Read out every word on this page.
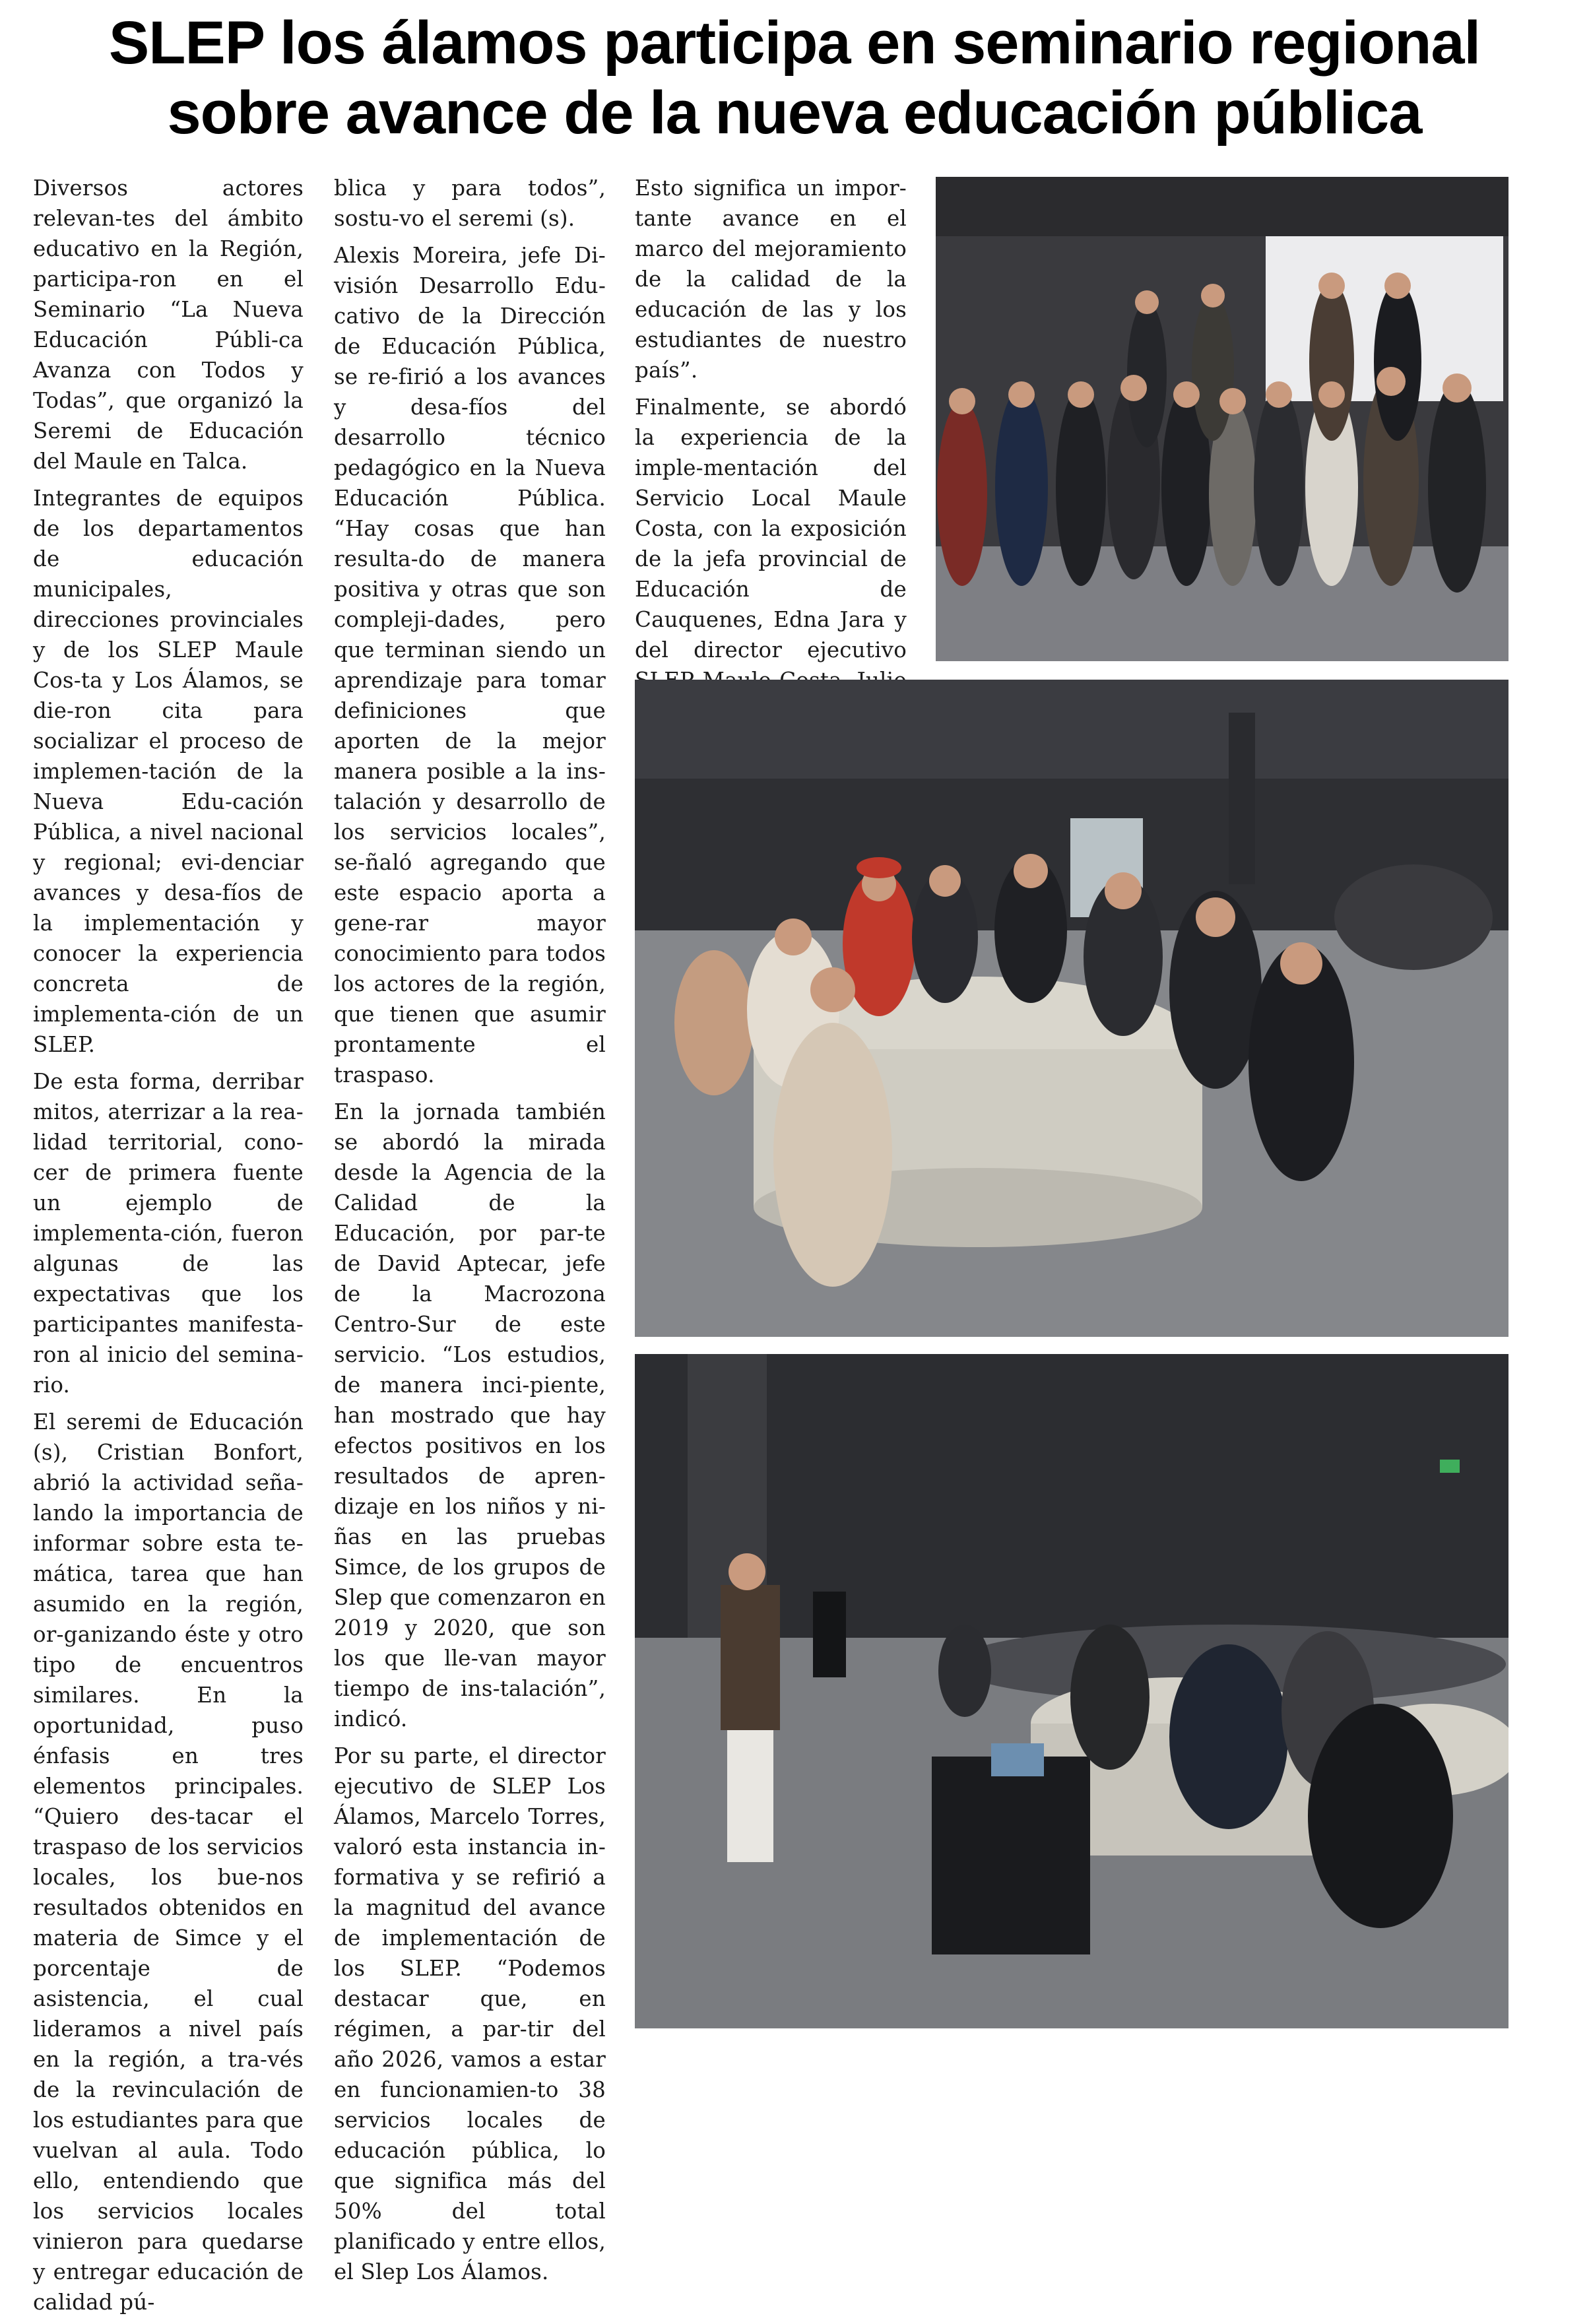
SLEP los álamos participa en seminario regional
sobre avance de la nueva educación pública

Diversos actores relevan-tes del ámbito educativo en la Región, participa-ron en el Seminario “La Nueva Educación Públi-ca Avanza con Todos y Todas”, que organizó la Seremi de Educación del Maule en Talca.

Integrantes de equipos de los departamentos de educación municipales, direcciones provinciales y de los SLEP Maule Cos-ta y Los Álamos, se die-ron cita para socializar el proceso de implemen-tación de la Nueva Edu-cación Pública, a nivel nacional y regional; evi-denciar avances y desa-fíos de la implementación y conocer la experiencia concreta de implementa-ción de un SLEP.

De esta forma, derribar mitos, aterrizar a la rea-lidad territorial, cono-cer de primera fuente un ejemplo de implementa-ción, fueron algunas de las expectativas que los participantes manifesta-ron al inicio del semina-rio.

El seremi de Educación (s), Cristian Bonfort, abrió la actividad seña-lando la importancia de informar sobre esta te-mática, tarea que han asumido en la región, or-ganizando éste y otro tipo de encuentros similares. En la oportunidad, puso énfasis en tres elementos principales. “Quiero des-tacar el traspaso de los servicios locales, los bue-nos resultados obtenidos en materia de Simce y el porcentaje de asistencia, el cual lideramos a nivel país en la región, a tra-vés de la revinculación de los estudiantes para que vuelvan al aula. Todo ello, entendiendo que los servicios locales vinieron para quedarse y entregar educación de calidad pú-

blica y para todos”, sostu-vo el seremi (s).

Alexis Moreira, jefe Di-visión Desarrollo Edu-cativo de la Dirección de Educación Pública, se re-firió a los avances y desa-fíos del desarrollo técnico pedagógico en la Nueva Educación Pública. “Hay cosas que han resulta-do de manera positiva y otras que son compleji-dades, pero que terminan siendo un aprendizaje para tomar definiciones que aporten de la mejor manera posible a la ins-talación y desarrollo de los servicios locales”, se-ñaló agregando que este espacio aporta a gene-rar mayor conocimiento para todos los actores de la región, que tienen que asumir prontamente el traspaso.

En la jornada también se abordó la mirada desde la Agencia de la Calidad de la Educación, por par-te de David Aptecar, jefe de la Macrozona Centro-Sur de este servicio. “Los estudios, de manera inci-piente, han mostrado que hay efectos positivos en los resultados de apren-dizaje en los niños y ni-ñas en las pruebas Simce, de los grupos de Slep que comenzaron en 2019 y 2020, que son los que lle-van mayor tiempo de ins-talación”, indicó.

Por su parte, el director ejecutivo de SLEP Los Álamos, Marcelo Torres, valoró esta instancia in-formativa y se refirió a la magnitud del avance de implementación de los SLEP. “Podemos destacar que, en régimen, a par-tir del año 2026, vamos a estar en funcionamien-to 38 servicios locales de educación pública, lo que significa más del 50% del total planificado y entre ellos, el Slep Los Álamos.

Esto significa un impor-tante avance en el marco del mejoramiento de la calidad de la educación de las y los estudiantes de nuestro país”.

Finalmente, se abordó la experiencia de la imple-mentación del Servicio Local Maule Costa, con la exposición de la jefa provincial de Educación de Cauquenes, Edna Jara y del director ejecutivo
